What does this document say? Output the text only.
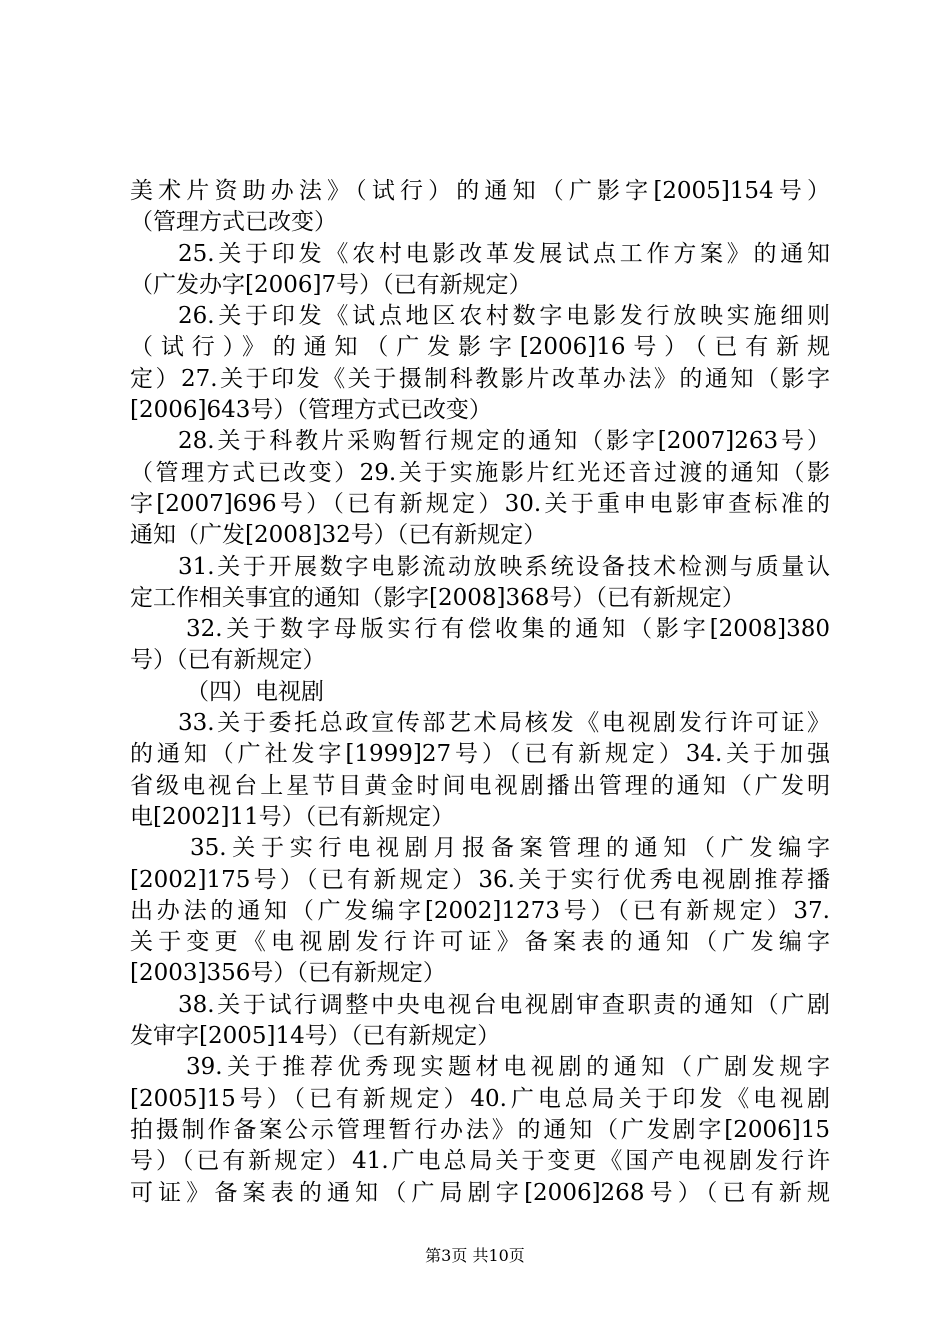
美术片资助办法》（试行）的通知（广影字[2005]154号）
（管理方式已改变）
25.关于印发《农村电影改革发展试点工作方案》的通知
（广发办字[2006]7号）（已有新规定）
26.关于印发《试点地区农村数字电影发行放映实施细则
（试行）》的通知（广发影字[2006]16号）（已有新规
定）27.关于印发《关于摄制科教影片改革办法》的通知（影字
[2006]643号）（管理方式已改变）
28.关于科教片采购暂行规定的通知（影字[2007]263号）
（管理方式已改变）29.关于实施影片红光还音过渡的通知（影
字[2007]696号）（已有新规定）30.关于重申电影审查标准的
通知（广发[2008]32号）（已有新规定）
31.关于开展数字电影流动放映系统设备技术检测与质量认
定工作相关事宜的通知（影字[2008]368号）（已有新规定）
32.关于数字母版实行有偿收集的通知（影字[2008]380
号）（已有新规定）
（四）电视剧
33.关于委托总政宣传部艺术局核发《电视剧发行许可证》
的通知（广社发字[1999]27号）（已有新规定）34.关于加强
省级电视台上星节目黄金时间电视剧播出管理的通知（广发明
电[2002]11号）（已有新规定）
35.关于实行电视剧月报备案管理的通知（广发编字
[2002]175号）（已有新规定）36.关于实行优秀电视剧推荐播
出办法的通知（广发编字[2002]1273号）（已有新规定）37.
关于变更《电视剧发行许可证》备案表的通知（广发编字
[2003]356号）（已有新规定）
38.关于试行调整中央电视台电视剧审查职责的通知（广剧
发审字[2005]14号）（已有新规定）
39.关于推荐优秀现实题材电视剧的通知（广剧发规字
[2005]15号）（已有新规定）40.广电总局关于印发《电视剧
拍摄制作备案公示管理暂行办法》的通知（广发剧字[2006]15
号）（已有新规定）41.广电总局关于变更《国产电视剧发行许
可证》备案表的通知（广局剧字[2006]268号）（已有新规
第3页 共10页
